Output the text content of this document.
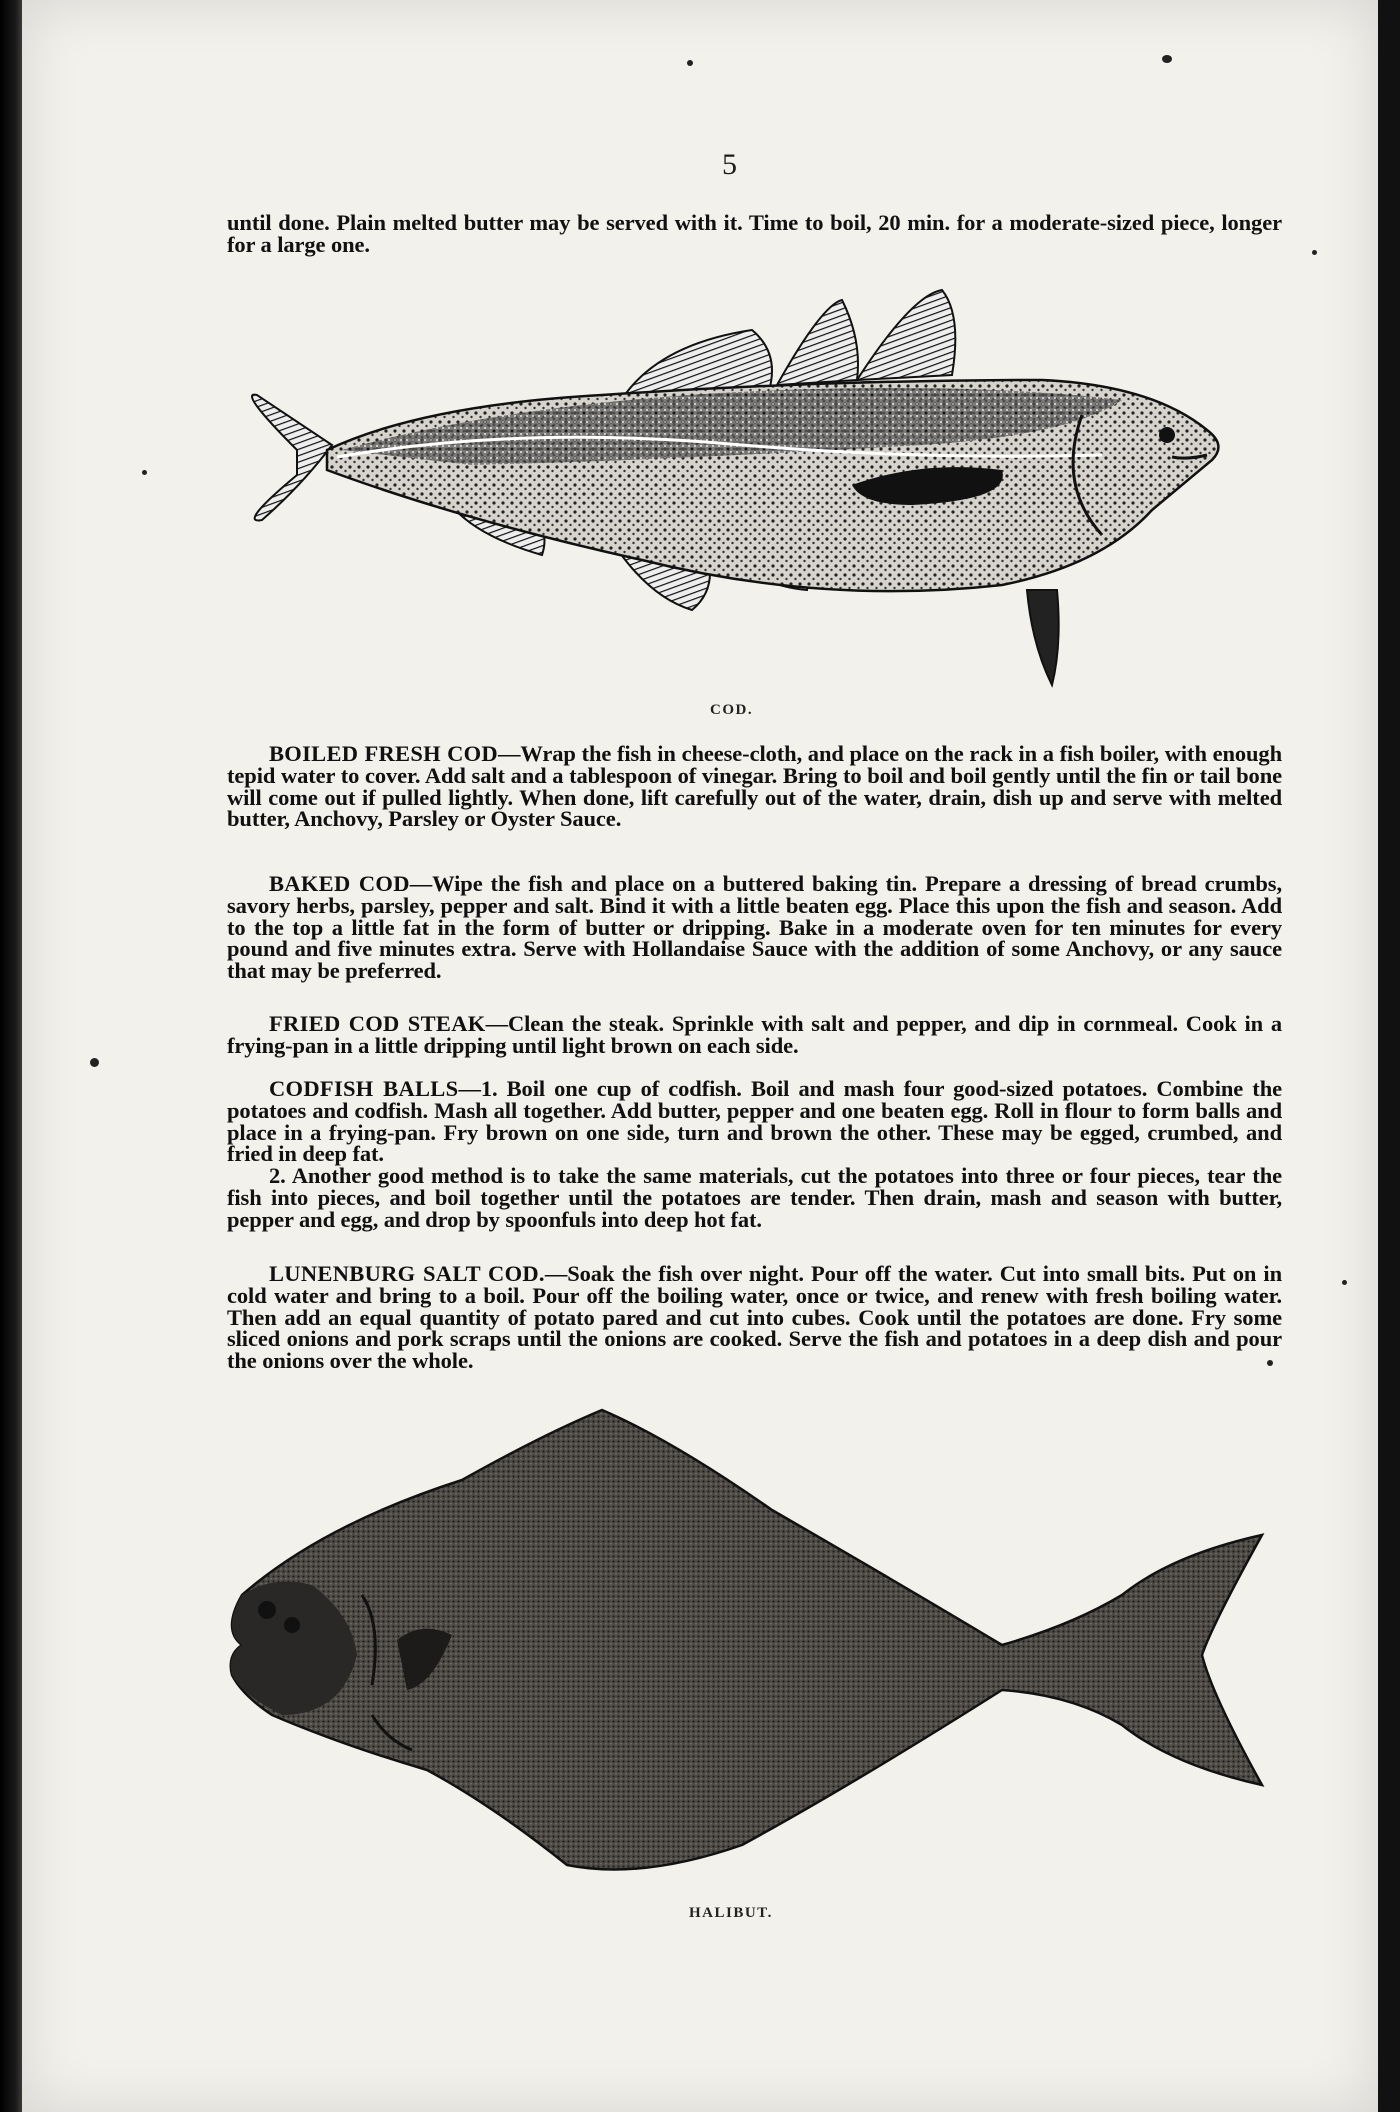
5

until done. Plain melted butter may be served with it. Time to boil, 20 min. for a moderate-sized piece, longer for a large one.

COD.

BOILED FRESH COD—Wrap the fish in cheese-cloth, and place on the rack in a fish boiler, with enough tepid water to cover. Add salt and a tablespoon of vinegar. Bring to boil and boil gently until the fin or tail bone will come out if pulled lightly. When done, lift carefully out of the water, drain, dish up and serve with melted butter, Anchovy, Parsley or Oyster Sauce.

BAKED COD—Wipe the fish and place on a buttered baking tin. Prepare a dressing of bread crumbs, savory herbs, parsley, pepper and salt. Bind it with a little beaten egg. Place this upon the fish and season. Add to the top a little fat in the form of butter or dripping. Bake in a moderate oven for ten minutes for every pound and five minutes extra. Serve with Hollandaise Sauce with the addition of some Anchovy, or any sauce that may be preferred.

FRIED COD STEAK—Clean the steak. Sprinkle with salt and pepper, and dip in cornmeal. Cook in a frying-pan in a little dripping until light brown on each side.

CODFISH BALLS—1. Boil one cup of codfish. Boil and mash four good-sized potatoes. Combine the potatoes and codfish. Mash all together. Add butter, pepper and one beaten egg. Roll in flour to form balls and place in a frying-pan. Fry brown on one side, turn and brown the other. These may be egged, crumbed, and fried in deep fat.

2. Another good method is to take the same materials, cut the potatoes into three or four pieces, tear the fish into pieces, and boil together until the potatoes are tender. Then drain, mash and season with butter, pepper and egg, and drop by spoonfuls into deep hot fat.

LUNENBURG SALT COD.—Soak the fish over night. Pour off the water. Cut into small bits. Put on in cold water and bring to a boil. Pour off the boiling water, once or twice, and renew with fresh boiling water. Then add an equal quantity of potato pared and cut into cubes. Cook until the potatoes are done. Fry some sliced onions and pork scraps until the onions are cooked. Serve the fish and potatoes in a deep dish and pour the onions over the whole.

HALIBUT.
